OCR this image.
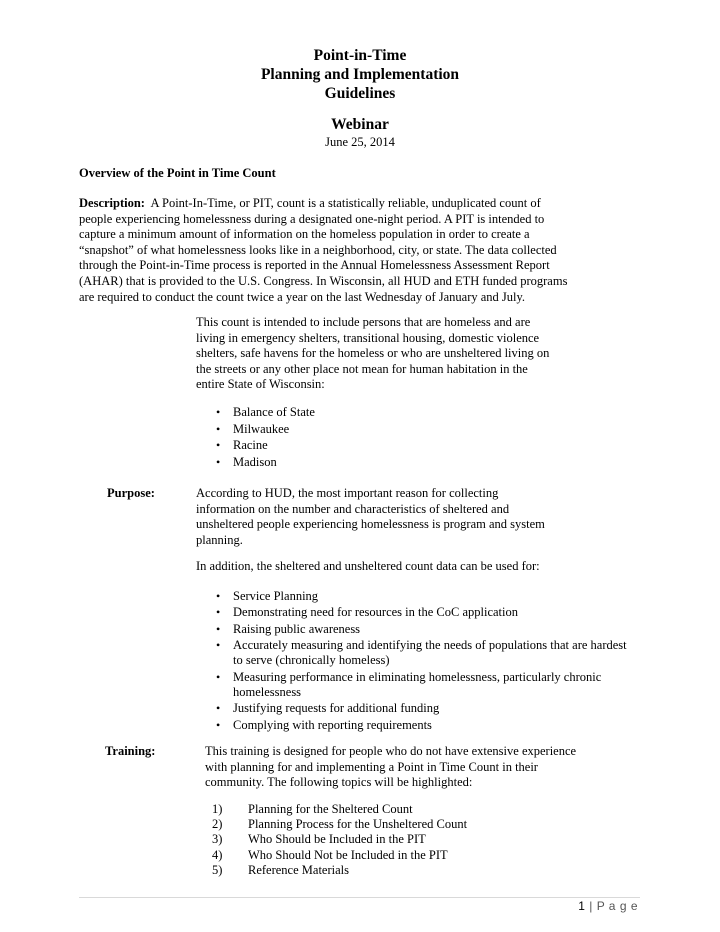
Point-in-Time
Planning and Implementation
Guidelines
Webinar
June 25, 2014
Overview of the Point in Time Count
Description: A Point-In-Time, or PIT, count is a statistically reliable, unduplicated count of
people experiencing homelessness during a designated one-night period. A PIT is intended to
capture a minimum amount of information on the homeless population in order to create a
“snapshot” of what homelessness looks like in a neighborhood, city, or state. The data collected
through the Point-in-Time process is reported in the Annual Homelessness Assessment Report
(AHAR) that is provided to the U.S. Congress. In Wisconsin, all HUD and ETH funded programs
are required to conduct the count twice a year on the last Wednesday of January and July.
This count is intended to include persons that are homeless and are
living in emergency shelters, transitional housing, domestic violence
shelters, safe havens for the homeless or who are unsheltered living on
the streets or any other place not mean for human habitation in the
entire State of Wisconsin:
• Balance of State
• Milwaukee
• Racine
• Madison
Purpose:	According to HUD, the most important reason for collecting
information on the number and characteristics of sheltered and
unsheltered people experiencing homelessness is program and system
planning.
In addition, the sheltered and unsheltered count data can be used for:
• Service Planning
• Demonstrating need for resources in the CoC application
• Raising public awareness
• Accurately measuring and identifying the needs of populations that are hardest to serve (chronically homeless)
• Measuring performance in eliminating homelessness, particularly chronic homelessness
• Justifying requests for additional funding
• Complying with reporting requirements
Training:	This training is designed for people who do not have extensive experience
with planning for and implementing a Point in Time Count in their
community. The following topics will be highlighted:
1) Planning for the Sheltered Count
2) Planning Process for the Unsheltered Count
3) Who Should be Included in the PIT
4) Who Should Not be Included in the PIT
5) Reference Materials
1 | P a g e
